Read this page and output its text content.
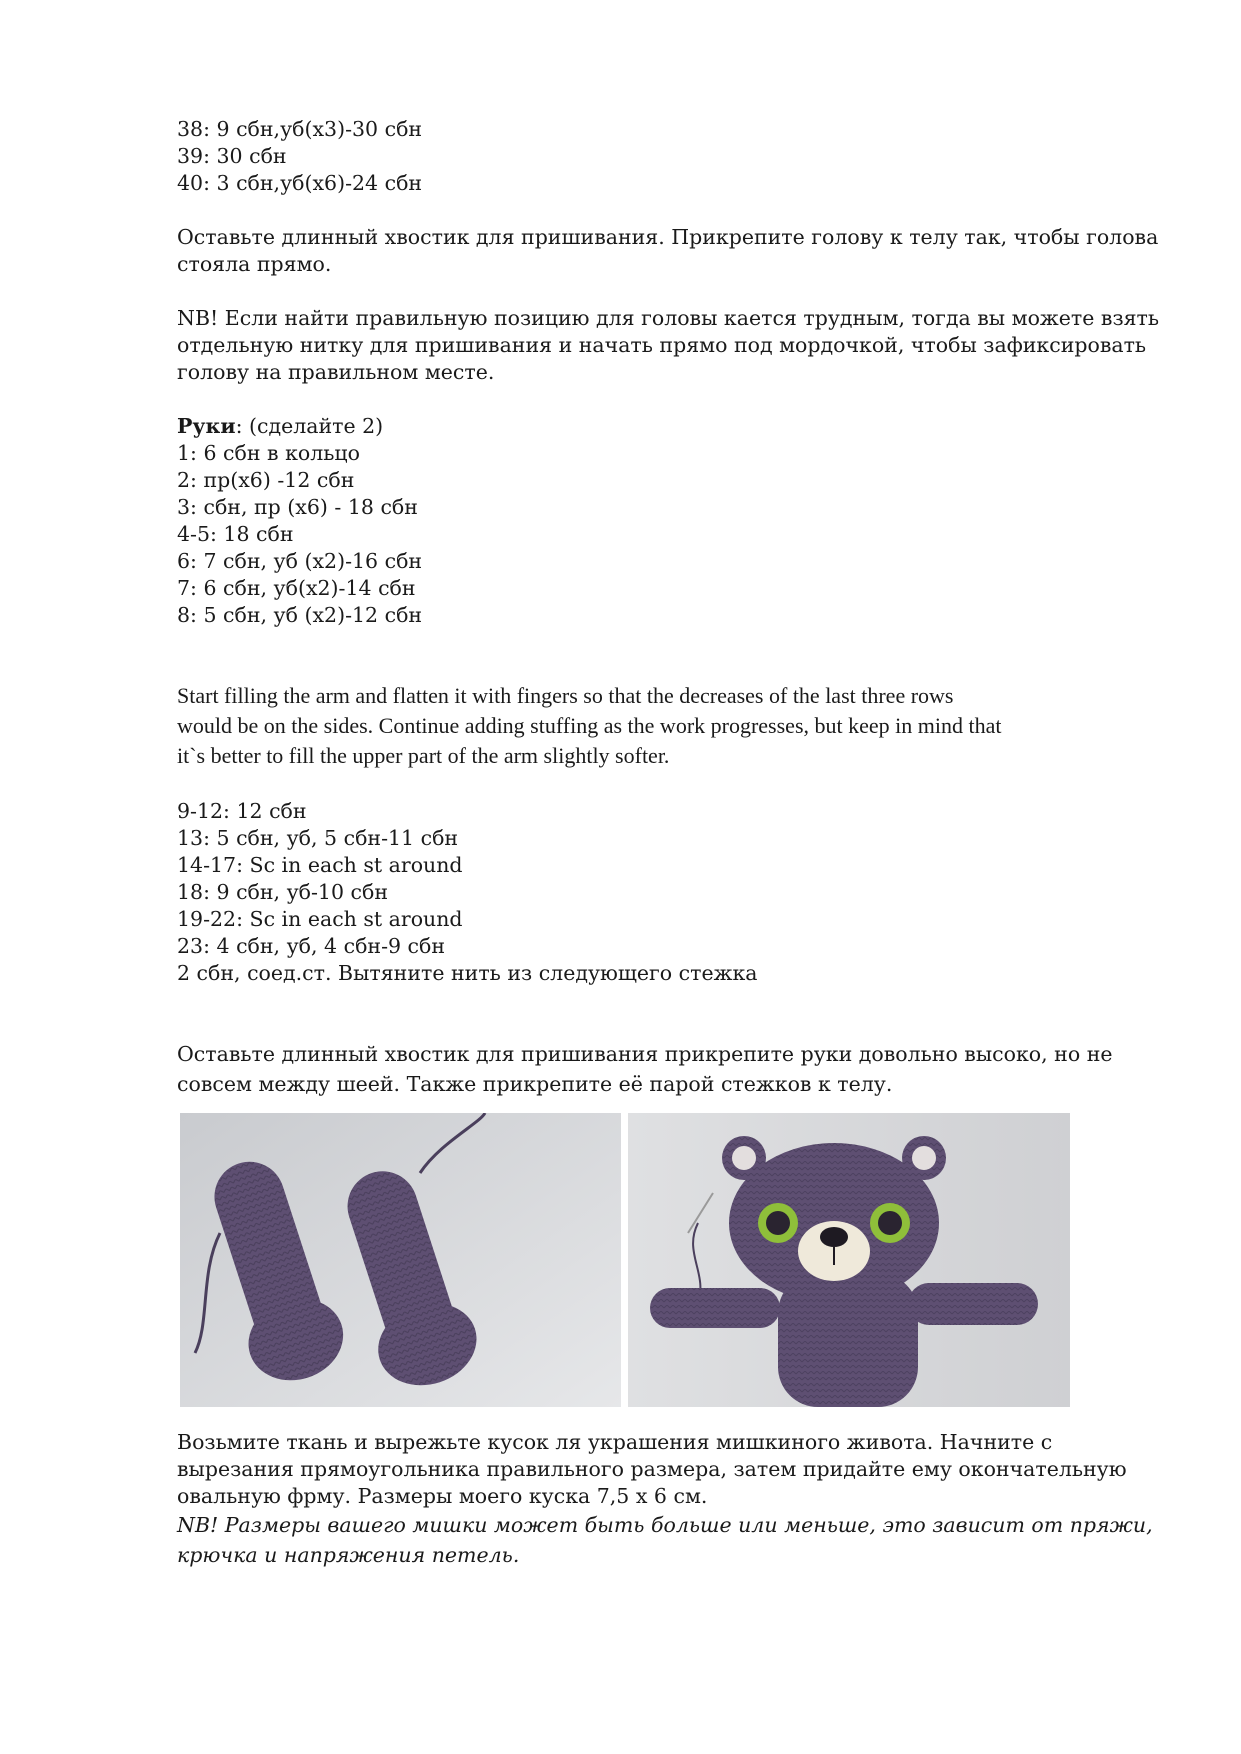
38: 9 сбн,уб(х3)-30 сбн
39: 30 сбн
40: 3 сбн,уб(х6)-24 сбн
Оставьте длинный хвостик для пришивания. Прикрепите голову к телу так, чтобы голова
стояла прямо.
NB! Если найти правильную позицию для головы кается трудным, тогда вы можете взять
отдельную нитку для пришивания и начать прямо под мордочкой, чтобы зафиксировать
голову на правильном месте.
Руки: (сделайте 2)
1: 6 сбн в кольцо
2: пр(х6) -12 сбн
3: сбн, пр (х6) - 18 сбн
4-5: 18 сбн
6: 7 сбн, уб (х2)-16 сбн
7: 6 сбн, уб(х2)-14 сбн
8: 5 сбн, уб (х2)-12 сбн
Start filling the arm and flatten it with fingers so that the decreases of the last three rows
would be on the sides. Continue adding stuffing as the work progresses, but keep in mind that
it`s better to fill the upper part of the arm slightly softer.
9-12: 12 сбн
13: 5 сбн, уб, 5 сбн-11 сбн
14-17: Sc in each st around
18: 9 сбн, уб-10 сбн
19-22: Sc in each st around
23: 4 сбн, уб, 4 сбн-9 сбн
2 сбн, соед.ст. Вытяните нить из следующего стежка
Оставьте длинный хвостик для пришивания прикрепите руки довольно высоко, но не
совсем между шеей. Также прикрепите её парой стежков к телу.
Возьмите ткань и вырежьте кусок ля украшения мишкиного живота. Начните с
вырезания прямоугольника правильного размера, затем придайте ему окончательную
овальную фрму. Размеры моего куска 7,5 х 6 см.
NB! Размеры вашего мишки может быть больше или меньше, это зависит от пряжи,
крючка и напряжения петель.
